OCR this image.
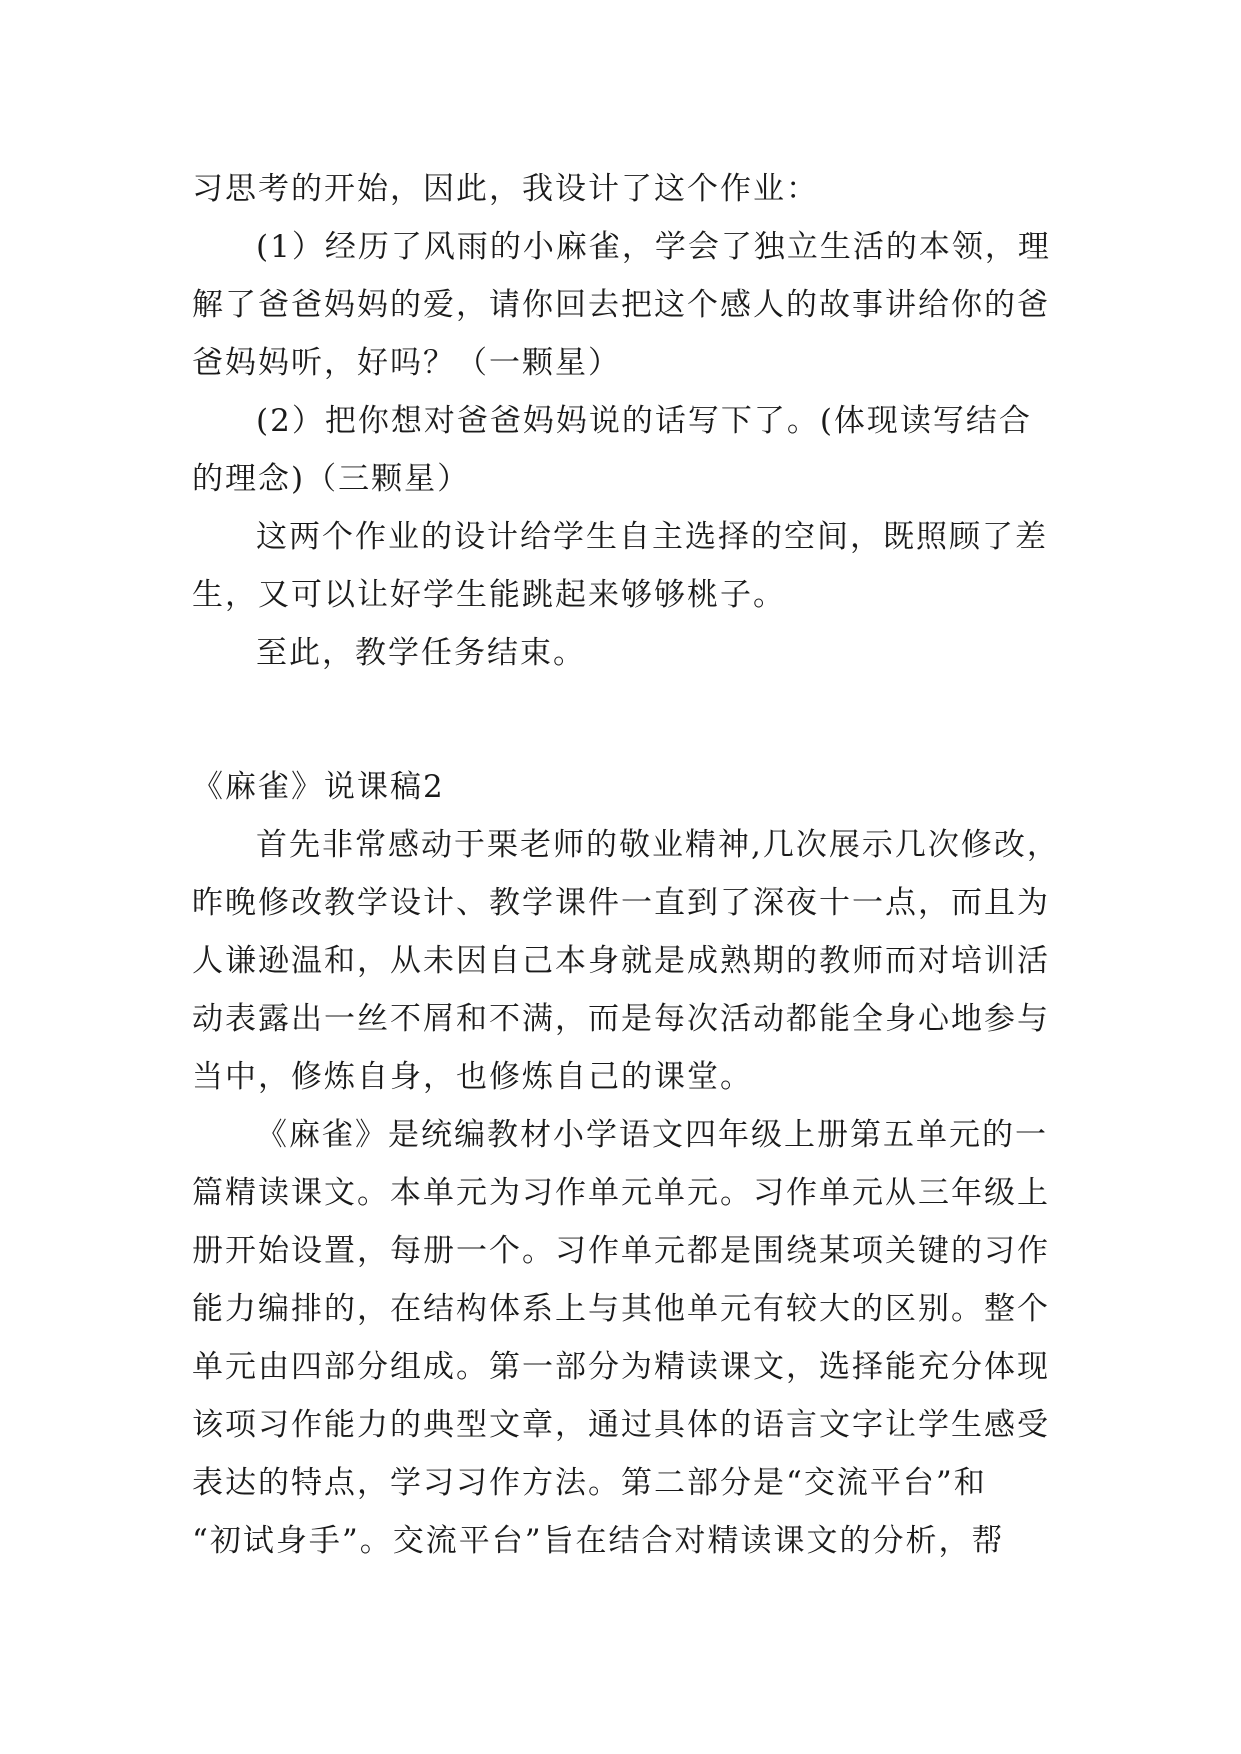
习思考的开始，因此，我设计了这个作业：
(1）经历了风雨的小麻雀，学会了独立生活的本领，理
解了爸爸妈妈的爱，请你回去把这个感人的故事讲给你的爸
爸妈妈听，好吗？（一颗星）
(2）把你想对爸爸妈妈说的话写下了。(体现读写结合
的理念)（三颗星）
这两个作业的设计给学生自主选择的空间，既照顾了差
生，又可以让好学生能跳起来够够桃子。
至此，教学任务结束。
《麻雀》说课稿2
首先非常感动于栗老师的敬业精神,几次展示几次修改，
昨晚修改教学设计、教学课件一直到了深夜十一点，而且为
人谦逊温和，从未因自己本身就是成熟期的教师而对培训活
动表露出一丝不屑和不满，而是每次活动都能全身心地参与
当中，修炼自身，也修炼自己的课堂。
《麻雀》是统编教材小学语文四年级上册第五单元的一
篇精读课文。本单元为习作单元单元。习作单元从三年级上
册开始设置，每册一个。习作单元都是围绕某项关键的习作
能力编排的，在结构体系上与其他单元有较大的区别。整个
单元由四部分组成。第一部分为精读课文，选择能充分体现
该项习作能力的典型文章，通过具体的语言文字让学生感受
表达的特点，学习习作方法。第二部分是“交流平台”和
“初试身手”。交流平台”旨在结合对精读课文的分析，帮
